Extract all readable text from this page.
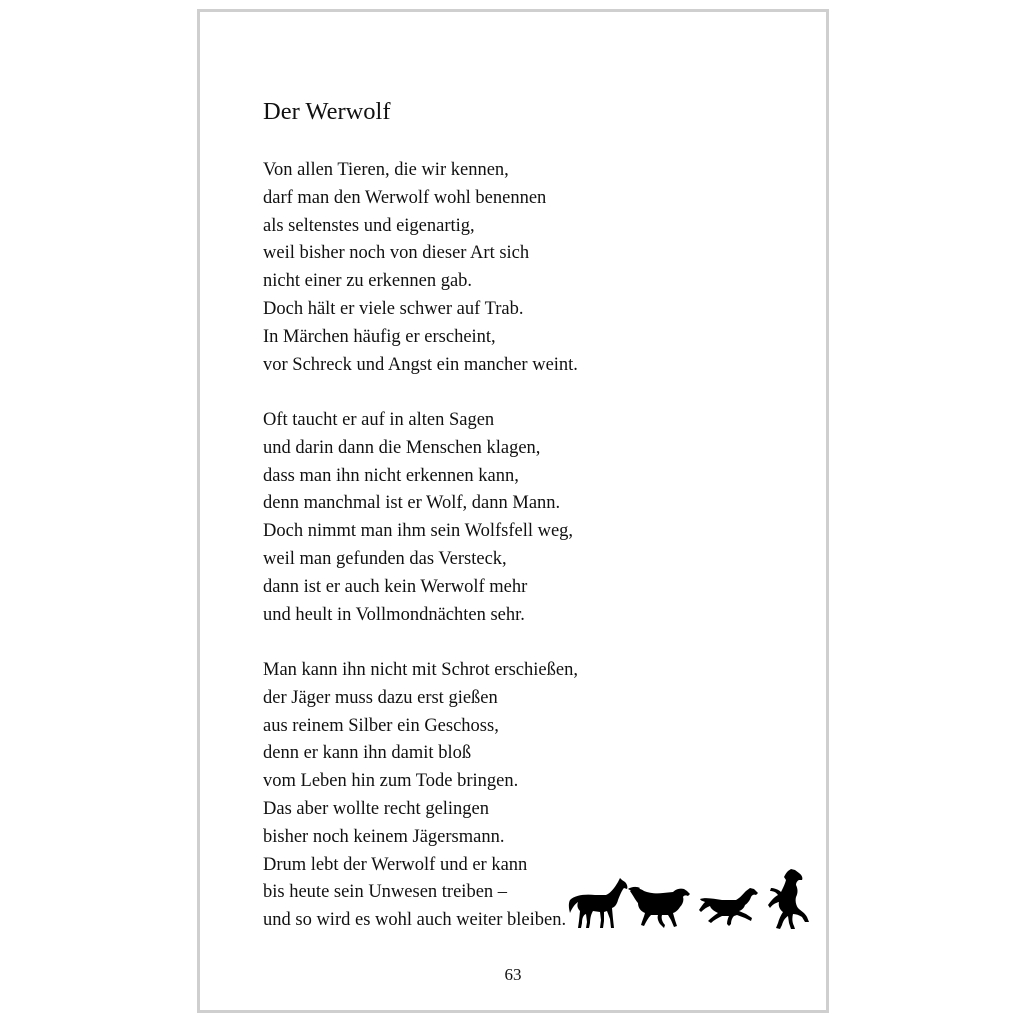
Der Werwolf
Von allen Tieren, die wir kennen,
darf man den Werwolf wohl benennen
als seltenstes und eigenartig,
weil bisher noch von dieser Art sich
nicht einer zu erkennen gab.
Doch hält er viele schwer auf Trab.
In Märchen häufig er erscheint,
vor Schreck und Angst ein mancher weint.
Oft taucht er auf in alten Sagen
und darin dann die Menschen klagen,
dass man ihn nicht erkennen kann,
denn manchmal ist er Wolf, dann Mann.
Doch nimmt man ihm sein Wolfsfell weg,
weil man gefunden das Versteck,
dann ist er auch kein Werwolf mehr
und heult in Vollmondnächten sehr.
Man kann ihn nicht mit Schrot erschießen,
der Jäger muss dazu erst gießen
aus reinem Silber ein Geschoss,
denn er kann ihn damit bloß
vom Leben hin zum Tode bringen.
Das aber wollte recht gelingen
bisher noch keinem Jägersmann.
Drum lebt der Werwolf und er kann
bis heute sein Unwesen treiben –
und so wird es wohl auch weiter bleiben.
63
